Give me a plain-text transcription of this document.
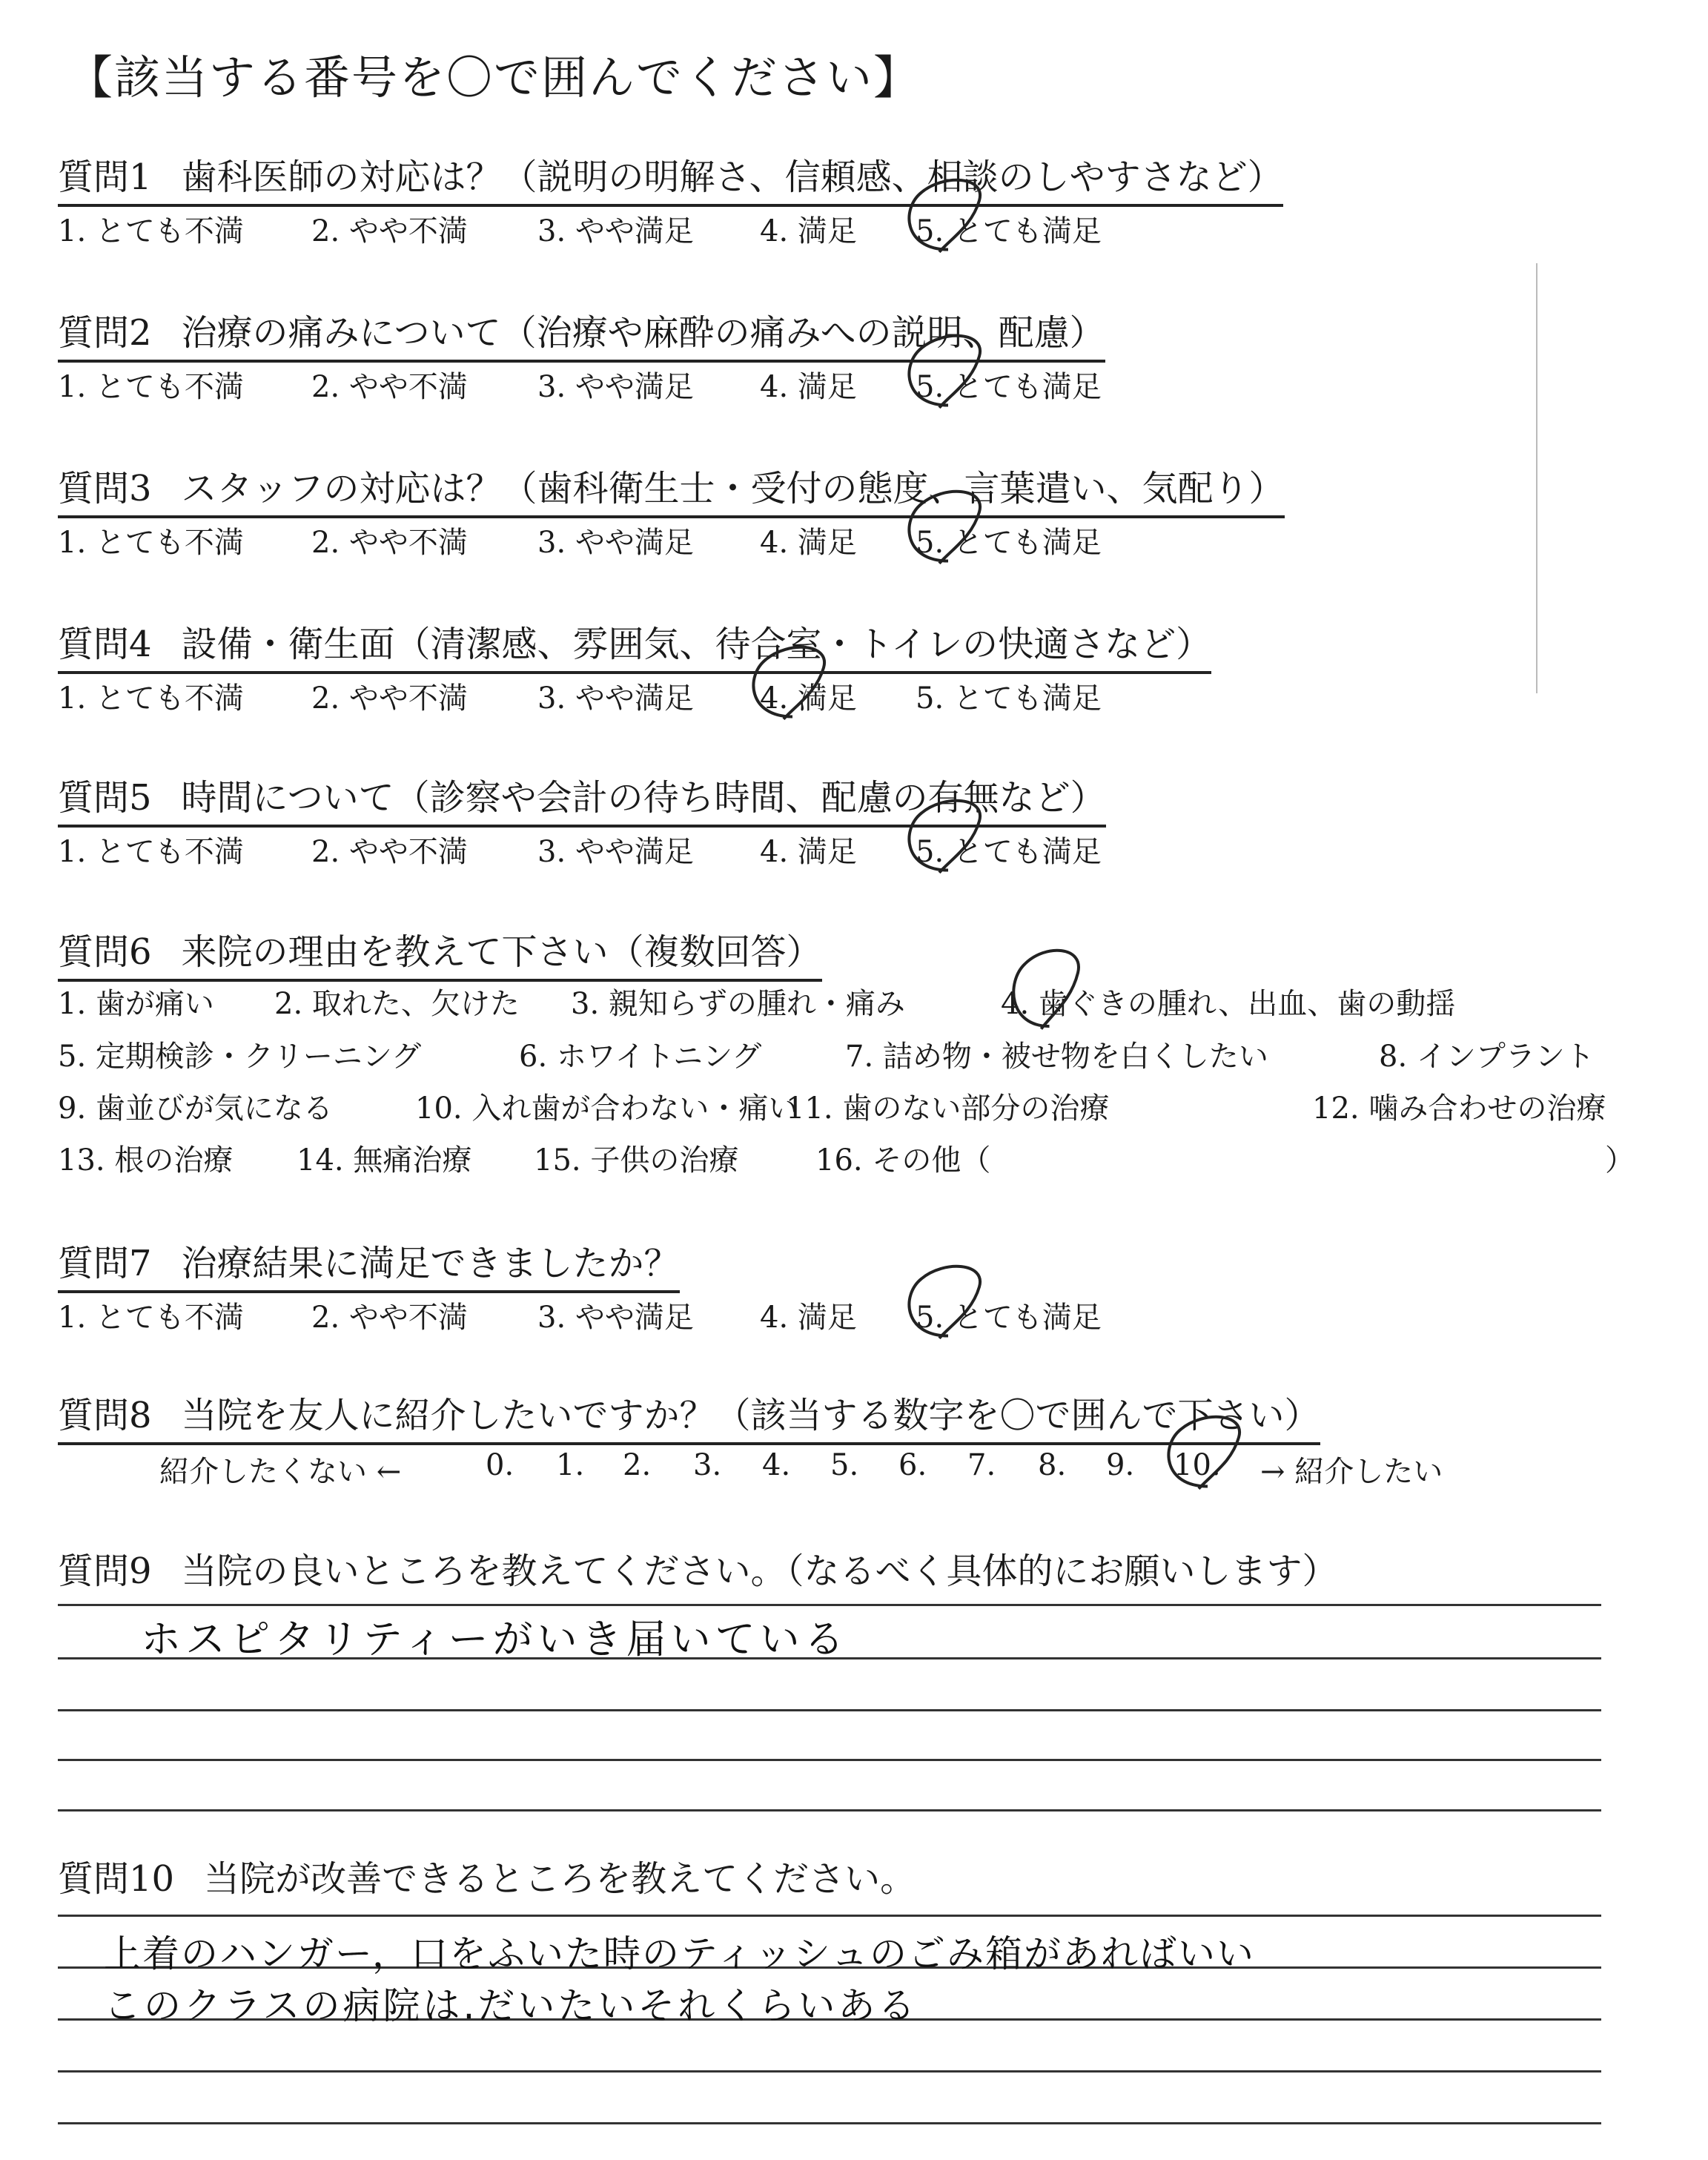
【該当する番号を〇で囲んでください】
質問1 歯科医師の対応は？（説明の明解さ、信頼感、相談のしやすさなど）
1. とても不満 2. やや不満 3. やや満足 4. 満足 5. とても満足
質問2 治療の痛みについて（治療や麻酔の痛みへの説明、配慮）
1. とても不満 2. やや不満 3. やや満足 4. 満足 5. とても満足
質問3 スタッフの対応は？（歯科衛生士・受付の態度、言葉遣い、気配り）
1. とても不満 2. やや不満 3. やや満足 4. 満足 5. とても満足
質問4 設備・衛生面（清潔感、雰囲気、待合室・トイレの快適さなど）
1. とても不満 2. やや不満 3. やや満足 4. 満足 5. とても満足
質問5 時間について（診察や会計の待ち時間、配慮の有無など）
1. とても不満 2. やや不満 3. やや満足 4. 満足 5. とても満足
質問6 来院の理由を教えて下さい（複数回答）
1. 歯が痛い 2. 取れた、欠けた 3. 親知らずの腫れ・痛み	4. 歯ぐきの腫れ、出血、歯の動揺
5. 定期検診・クリーニング	6. ホワイトニング	7. 詰め物・被せ物を白くしたい	8. インプラント
9. 歯並びが気になる	10. 入れ歯が合わない・痛い
11. 歯のない部分の治療	12. 噛み合わせの治療
13. 根の治療 14. 無痛治療 15. 子供の治療	16. その他（	）
質問7 治療結果に満足できましたか？
1. とても不満 2. やや不満 3. やや満足 4. 満足 5. とても満足
質問8 当院を友人に紹介したいですか？（該当する数字を〇で囲んで下さい）
紹介したくない ←	→ 紹介したい
0. 1. 2. 3. 4. 5. 6. 7. 8. 9. 10.
質問9 当院の良いところを教えてください。（なるべく具体的にお願いします）
ホスピタリティーがいき届いている
質問10 当院が改善できるところを教えてください。
上着のハンガー，口をふいた時のティッシュのごみ箱があればいい
このクラスの病院は.だいたいそれくらいある
